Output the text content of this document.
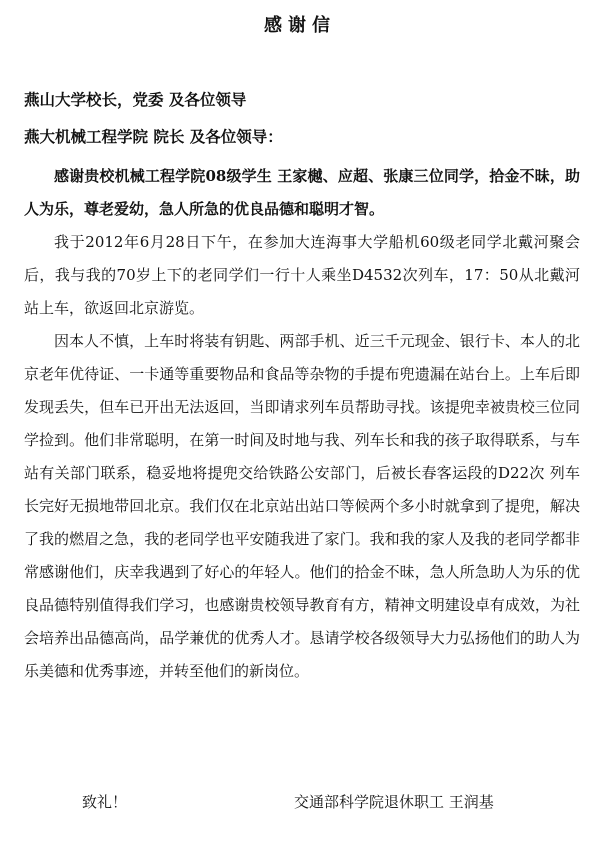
感谢信
燕山大学校长，党委 及各位领导
燕大机械工程学院 院长 及各位领导：

感谢贵校机械工程学院08级学生 王家樾、应超、张康三位同学，拾金不昧，助人为乐，尊老爱幼，急人所急的优良品德和聪明才智。

我于2012年6月28日下午，在参加大连海事大学船机60级老同学北戴河聚会后，我与我的70岁上下的老同学们一行十人乘坐D4532次列车，17：50从北戴河站上车，欲返回北京游览。

因本人不慎，上车时将装有钥匙、两部手机、近三千元现金、银行卡、本人的北京老年优待证、一卡通等重要物品和食品等杂物的手提布兜遗漏在站台上。上车后即发现丢失，但车已开出无法返回，当即请求列车员帮助寻找。该提兜幸被贵校三位同学捡到。他们非常聪明，在第一时间及时地与我、列车长和我的孩子取得联系，与车站有关部门联系，稳妥地将提兜交给铁路公安部门，后被长春客运段的D22次 列车长完好无损地带回北京。我们仅在北京站出站口等候两个多小时就拿到了提兜，解决了我的燃眉之急，我的老同学也平安随我进了家门。我和我的家人及我的老同学都非常感谢他们，庆幸我遇到了好心的年轻人。他们的拾金不昧，急人所急助人为乐的优良品德特别值得我们学习，也感谢贵校领导教育有方，精神文明建设卓有成效，为社会培养出品德高尚，品学兼优的优秀人才。恳请学校各级领导大力弘扬他们的助人为乐美德和优秀事迹，并转至他们的新岗位。

致礼！	交通部科学院退休职工 王润基
